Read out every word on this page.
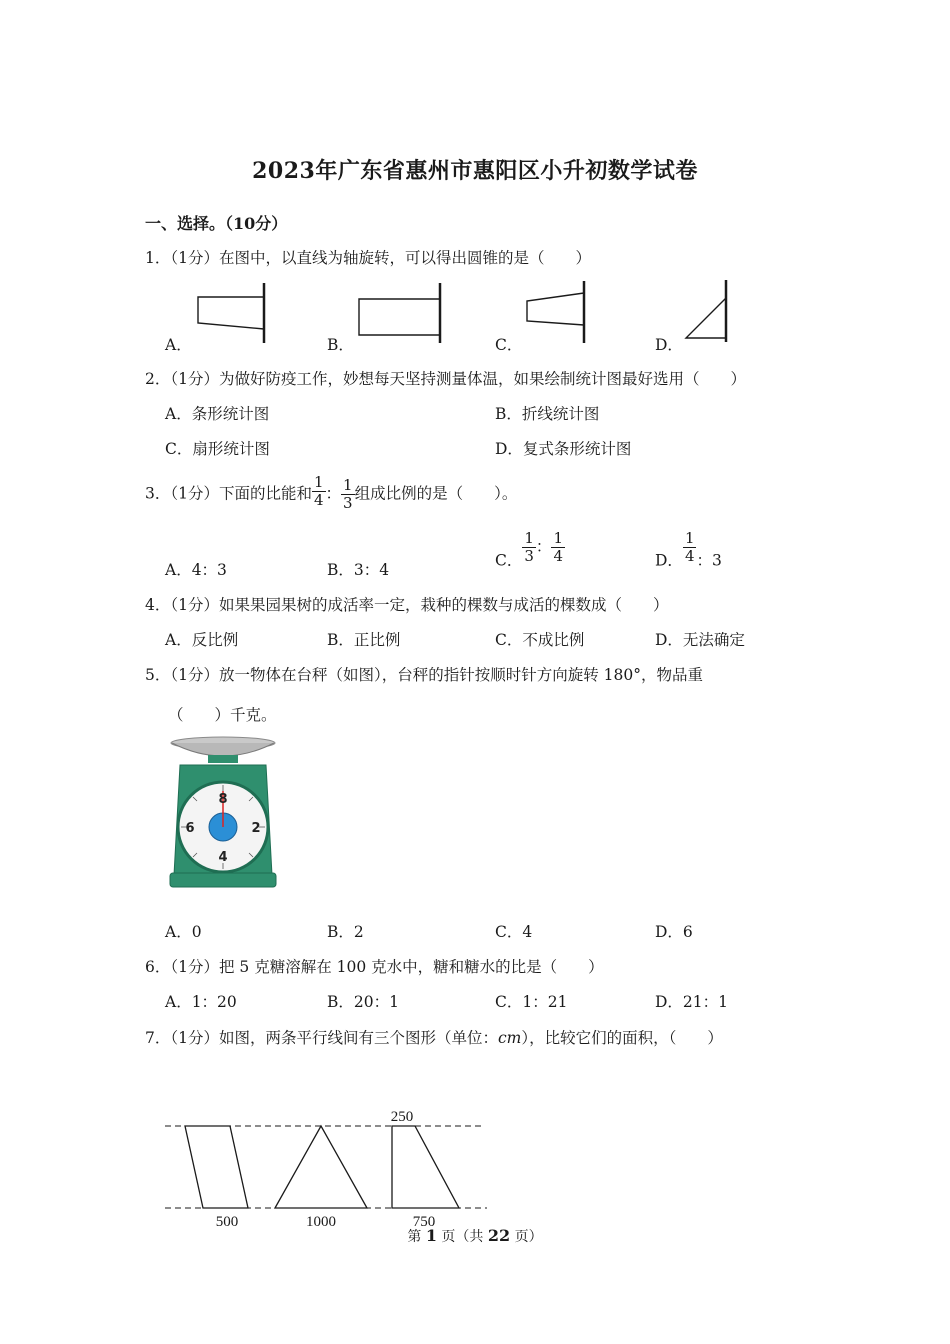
2023年广东省惠州市惠阳区小升初数学试卷
一、选择。（10分）
1．（1分）在图中，以直线为轴旋转，可以得出圆锥的是（　　）
A．	B．	C．	D．
2．（1分）为做好防疫工作，妙想每天坚持测量体温，如果绘制统计图最好选用（　　）
A．条形统计图	B．折线统计图
C．扇形统计图	D．复式条形统计图
3．（1分）下面的比能和 $\frac{1}{4}$ ： $\frac{1}{3}$ 组成比例的是（　　）。
A．4：3	B．3：4
C． $\frac{1}{3}$ ： $\frac{1}{4}$	D． $\frac{1}{4}$ ：3
4．（1分）如果果园果树的成活率一定，栽种的棵数与成活的棵数成（　　）
A．反比例	B．正比例	C．不成比例	D．无法确定
5．（1分）放一物体在台秤（如图），台秤的指针按顺时针方向旋转 180°，物品重
（　　）千克。
8
2
4
6
A．0	B．2	C．4	D．6
6．（1分）把 5 克糖溶解在 100 克水中，糖和糖水的比是（　　）
A．1：20	B．20：1	C．1：21	D．21：1
7．（1分）如图，两条平行线间有三个图形（单位：cm），比较它们的面积，（　　）
250
500	1000	750
第 1 页（共 22 页）
